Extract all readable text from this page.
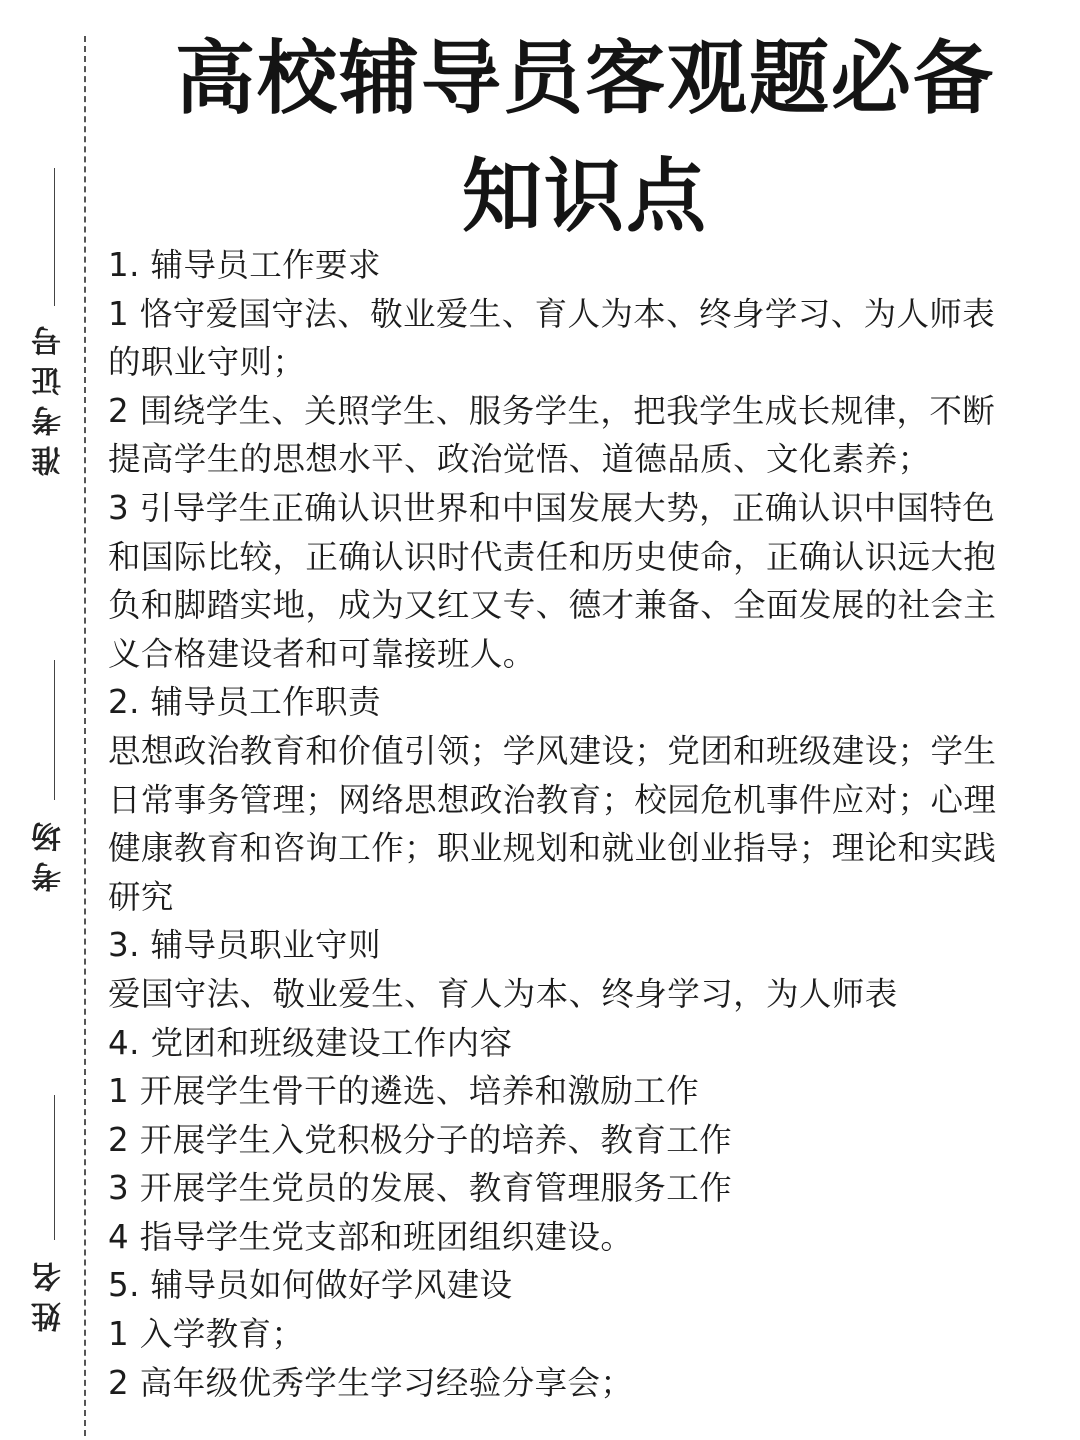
准考证号
考场
姓名
高校辅导员客观题必备
知识点
1. 辅导员工作要求
1 恪守爱国守法、敬业爱生、育人为本、终身学习、为人师表
的职业守则；
2 围绕学生、关照学生、服务学生，把我学生成长规律，不断
提高学生的思想水平、政治觉悟、道德品质、文化素养；
3 引导学生正确认识世界和中国发展大势，正确认识中国特色
和国际比较，正确认识时代责任和历史使命，正确认识远大抱
负和脚踏实地，成为又红又专、德才兼备、全面发展的社会主
义合格建设者和可靠接班人。
2. 辅导员工作职责
思想政治教育和价值引领；学风建设；党团和班级建设；学生
日常事务管理；网络思想政治教育；校园危机事件应对；心理
健康教育和咨询工作；职业规划和就业创业指导；理论和实践
研究
3. 辅导员职业守则
爱国守法、敬业爱生、育人为本、终身学习，为人师表
4. 党团和班级建设工作内容
1 开展学生骨干的遴选、培养和激励工作
2 开展学生入党积极分子的培养、教育工作
3 开展学生党员的发展、教育管理服务工作
4 指导学生党支部和班团组织建设。
5. 辅导员如何做好学风建设
1 入学教育；
2 高年级优秀学生学习经验分享会；
